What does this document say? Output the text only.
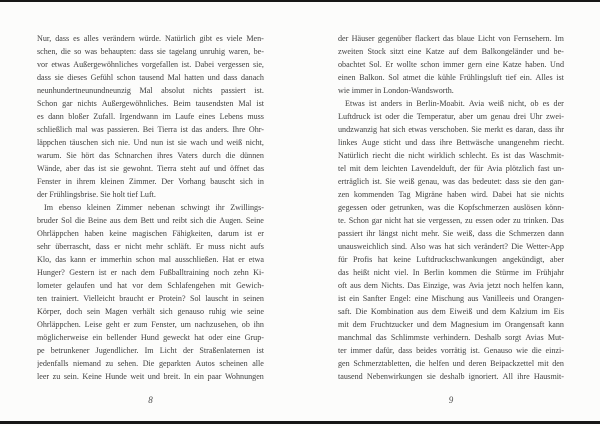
Nur, dass es alles verändern würde. Natürlich gibt es viele Men-
schen, die so was behaupten: dass sie tagelang unruhig waren, be-
vor etwas Außergewöhnliches vorgefallen ist. Dabei vergessen sie,
dass sie dieses Gefühl schon tausend Mal hatten und dass danach
neunhundertneunundneunzig Mal absolut nichts passiert ist.
Schon gar nichts Außergewöhnliches. Beim tausendsten Mal ist
es dann bloßer Zufall. Irgendwann im Laufe eines Lebens muss
schließlich mal was passieren. Bei Tierra ist das anders. Ihre Ohr-
läppchen täuschen sich nie. Und nun ist sie wach und weiß nicht,
warum. Sie hört das Schnarchen ihres Vaters durch die dünnen
Wände, aber das ist sie gewohnt. Tierra steht auf und öffnet das
Fenster in ihrem kleinen Zimmer. Der Vorhang bauscht sich in
der Frühlingsbrise. Sie holt tief Luft.
Im ebenso kleinen Zimmer nebenan schwingt ihr Zwillings-
bruder Sol die Beine aus dem Bett und reibt sich die Augen. Seine
Ohrläppchen haben keine magischen Fähigkeiten, darum ist er
sehr überrascht, dass er nicht mehr schläft. Er muss nicht aufs
Klo, das kann er immerhin schon mal ausschließen. Hat er etwa
Hunger? Gestern ist er nach dem Fußballtraining noch zehn Ki-
lometer gelaufen und hat vor dem Schlafengehen mit Gewich-
ten trainiert. Vielleicht braucht er Protein? Sol lauscht in seinen
Körper, doch sein Magen verhält sich genauso ruhig wie seine
Ohrläppchen. Leise geht er zum Fenster, um nachzusehen, ob ihn
möglicherweise ein bellender Hund geweckt hat oder eine Grup-
pe betrunkener Jugendlicher. Im Licht der Straßenlaternen ist
jedenfalls niemand zu sehen. Die geparkten Autos scheinen alle
leer zu sein. Keine Hunde weit und breit. In ein paar Wohnungen
der Häuser gegenüber flackert das blaue Licht von Fernsehern. Im
zweiten Stock sitzt eine Katze auf dem Balkongeländer und be-
obachtet Sol. Er wollte schon immer gern eine Katze haben. Und
einen Balkon. Sol atmet die kühle Frühlingsluft tief ein. Alles ist
wie immer in London-Wandsworth.
Etwas ist anders in Berlin-Moabit. Avia weiß nicht, ob es der
Luftdruck ist oder die Temperatur, aber um genau drei Uhr zwei-
undzwanzig hat sich etwas verschoben. Sie merkt es daran, dass ihr
linkes Auge sticht und dass ihre Bettwäsche unangenehm riecht.
Natürlich riecht die nicht wirklich schlecht. Es ist das Waschmit-
tel mit dem leichten Lavendelduft, der für Avia plötzlich fast un-
erträglich ist. Sie weiß genau, was das bedeutet: dass sie den gan-
zen kommenden Tag Migräne haben wird. Dabei hat sie nichts
gegessen oder getrunken, was die Kopfschmerzen auslösen könn-
te. Schon gar nicht hat sie vergessen, zu essen oder zu trinken. Das
passiert ihr längst nicht mehr. Sie weiß, dass die Schmerzen dann
unausweichlich sind. Also was hat sich verändert? Die Wetter-App
für Profis hat keine Luftdruckschwankungen angekündigt, aber
das heißt nicht viel. In Berlin kommen die Stürme im Frühjahr
oft aus dem Nichts. Das Einzige, was Avia jetzt noch helfen kann,
ist ein Sanfter Engel: eine Mischung aus Vanilleeis und Orangen-
saft. Die Kombination aus dem Eiweiß und dem Kalzium im Eis
mit dem Fruchtzucker und dem Magnesium im Orangensaft kann
manchmal das Schlimmste verhindern. Deshalb sorgt Avias Mut-
ter immer dafür, dass beides vorrätig ist. Genauso wie die einzi-
gen Schmerztabletten, die helfen und deren Beipackzettel mit den
tausend Nebenwirkungen sie deshalb ignoriert. All ihre Hausmit-
8	9
